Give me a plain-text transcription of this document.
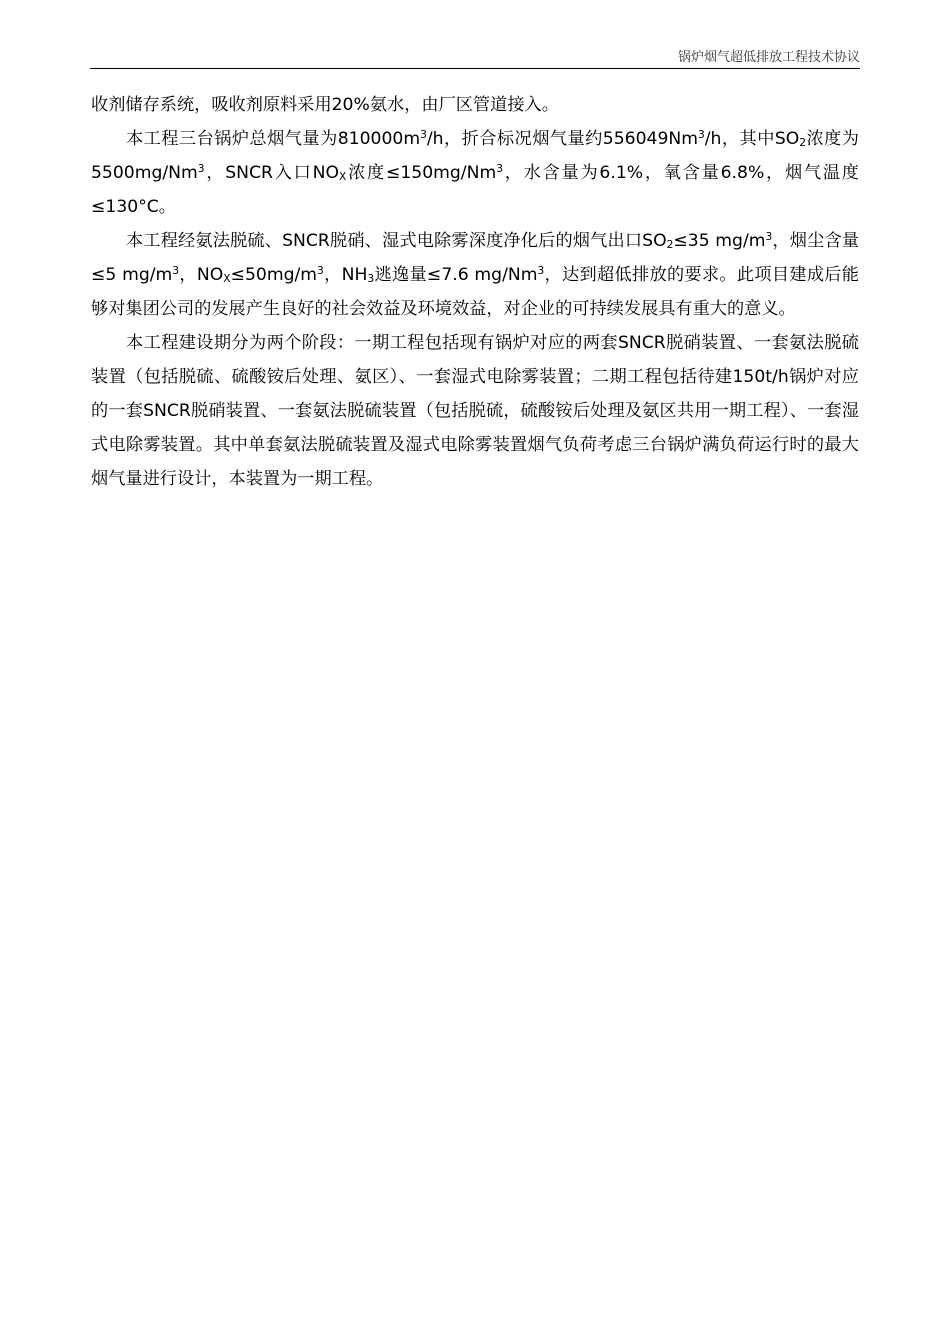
锅炉烟气超低排放工程技术协议

收剂储存系统，吸收剂原料采用20%氨水，由厂区管道接入。

本工程三台锅炉总烟气量为$810000m^3/h$，折合标况烟气量约556049Nm$^3$/h，其中$SO_2$浓度为5500mg/Nm$^3$，SNCR入口$NO_X$浓度$\le 150mg/Nm^3$，水含量为6.1%，氧含量6.8%，烟气温度≤130°C。

本工程经氨法脱硫、SNCR脱硝、湿式电除雾深度净化后的烟气出口$SO_2\le 35$ $mg/m^3$，烟尘含量≤5 $mg/m^3$，$NO_X\le 50mg/m^3$，$NH_3$逃逸量≤7.6 mg/Nm$^3$，达到超低排放的要求。此项目建成后能够对集团公司的发展产生良好的社会效益及环境效益，对企业的可持续发展具有重大的意义。

本工程建设期分为两个阶段：一期工程包括现有锅炉对应的两套SNCR脱硝装置、一套氨法脱硫装置（包括脱硫、硫酸铵后处理、氨区）、一套湿式电除雾装置；二期工程包括待建150t/h锅炉对应的一套SNCR脱硝装置、一套氨法脱硫装置（包括脱硫，硫酸铵后处理及氨区共用一期工程）、一套湿式电除雾装置。其中单套氨法脱硫装置及湿式电除雾装置烟气负荷考虑三台锅炉满负荷运行时的最大烟气量进行设计，本装置为一期工程。
